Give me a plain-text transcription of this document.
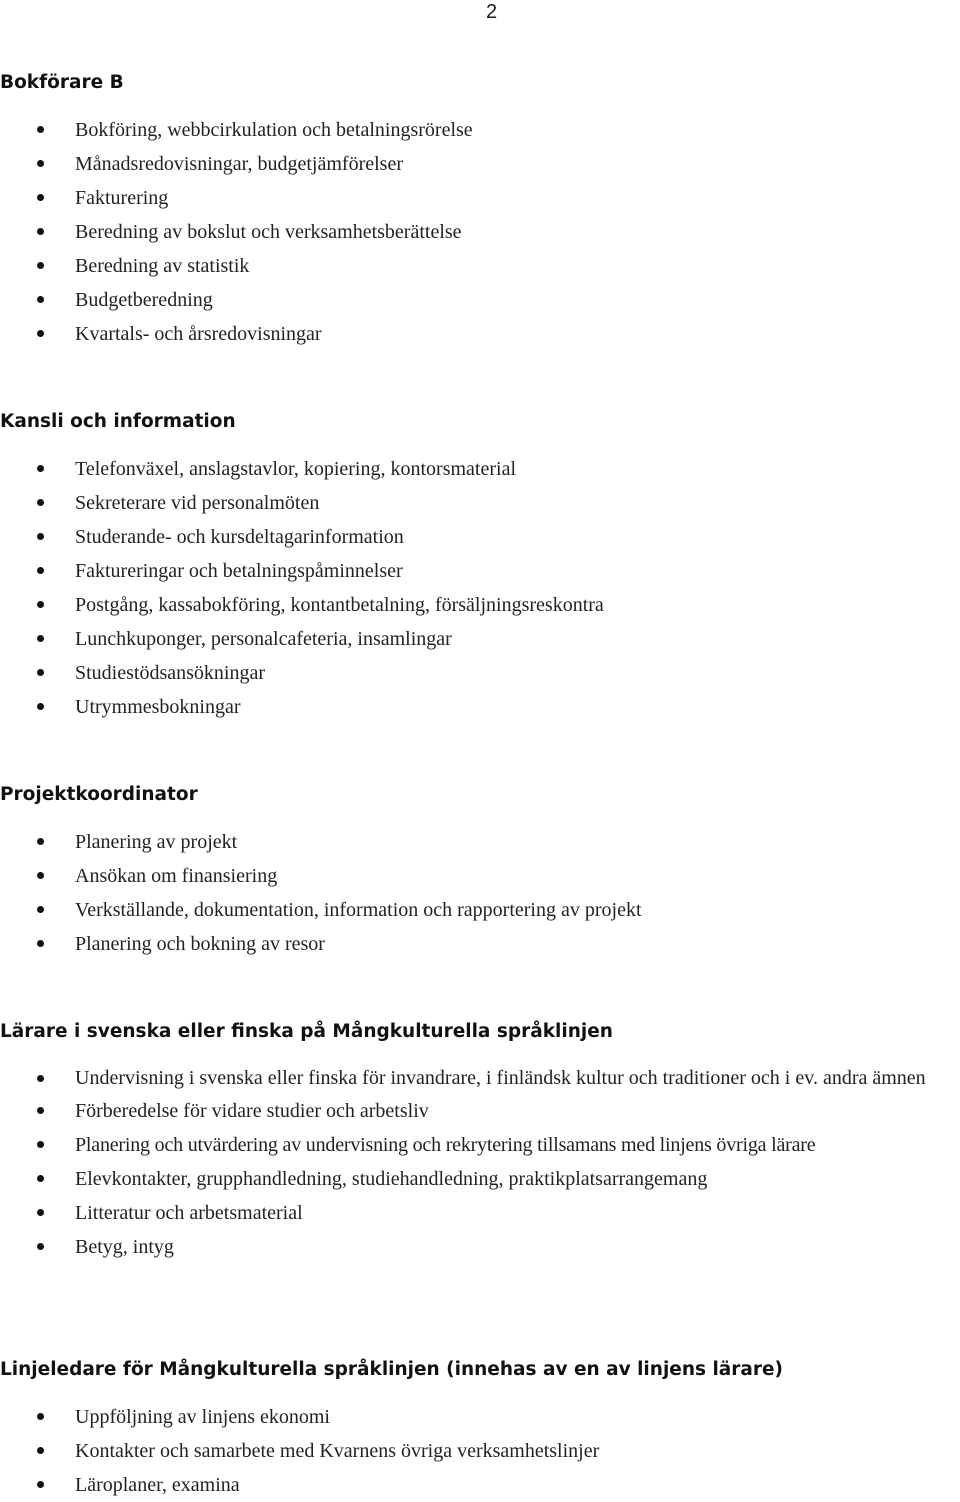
2
Bokförare B
Bokföring, webbcirkulation och betalningsrörelse
Månadsredovisningar, budgetjämförelser
Fakturering
Beredning av bokslut och verksamhetsberättelse
Beredning av statistik
Budgetberedning
Kvartals- och årsredovisningar
Kansli och information
Telefonväxel, anslagstavlor, kopiering, kontorsmaterial
Sekreterare vid personalmöten
Studerande- och kursdeltagarinformation
Faktureringar och betalningspåminnelser
Postgång, kassabokföring, kontantbetalning, försäljningsreskontra
Lunchkuponger, personalcafeteria, insamlingar
Studiestödsansökningar
Utrymmesbokningar
Projektkoordinator
Planering av projekt
Ansökan om finansiering
Verkställande, dokumentation, information och rapportering av projekt
Planering och bokning av resor
Lärare i svenska eller finska på Mångkulturella språklinjen
Undervisning i svenska eller finska för invandrare, i finländsk kultur och traditioner och i ev. andra ämnen
Förberedelse för vidare studier och arbetsliv
Planering och utvärdering av undervisning och rekrytering tillsamans med linjens övriga lärare
Elevkontakter, grupphandledning, studiehandledning, praktikplatsarrangemang
Litteratur och arbetsmaterial
Betyg, intyg
Linjeledare för Mångkulturella språklinjen (innehas av en av linjens lärare)
Uppföljning av linjens ekonomi
Kontakter och samarbete med Kvarnens övriga verksamhetslinjer
Läroplaner, examina
